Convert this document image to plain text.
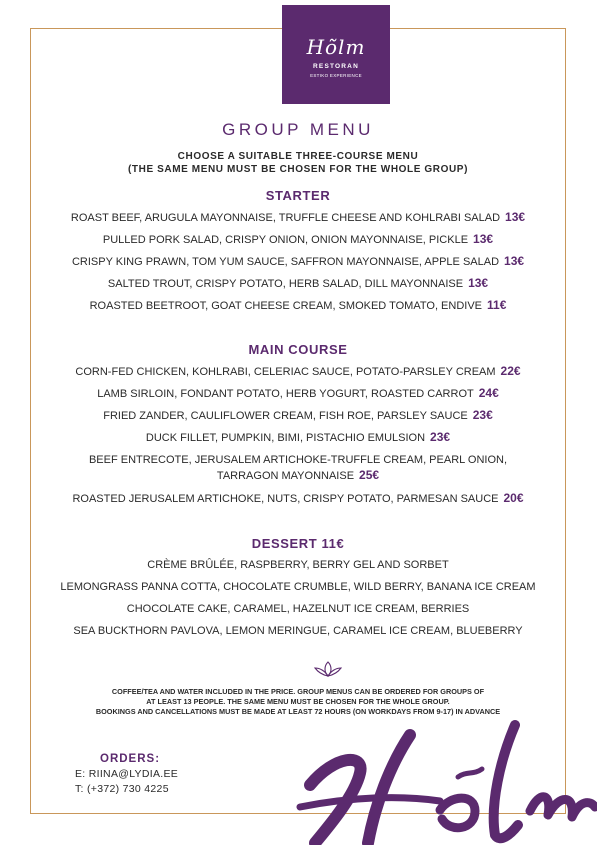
Hõlm
RESTORAN
ESTIKO EXPERIENCE
GROUP MENU
CHOOSE A SUITABLE THREE-COURSE MENU
(THE SAME MENU MUST BE CHOSEN FOR THE WHOLE GROUP)
STARTER
ROAST BEEF, ARUGULA MAYONNAISE, TRUFFLE CHEESE AND KOHLRABI SALAD 13€
PULLED PORK SALAD, CRISPY ONION, ONION MAYONNAISE, PICKLE 13€
CRISPY KING PRAWN, TOM YUM SAUCE, SAFFRON MAYONNAISE, APPLE SALAD 13€
SALTED TROUT, CRISPY POTATO, HERB SALAD, DILL MAYONNAISE 13€
ROASTED BEETROOT, GOAT CHEESE CREAM, SMOKED TOMATO, ENDIVE 11€
MAIN COURSE
CORN-FED CHICKEN, KOHLRABI, CELERIAC SAUCE, POTATO-PARSLEY CREAM 22€
LAMB SIRLOIN, FONDANT POTATO, HERB YOGURT, ROASTED CARROT 24€
FRIED ZANDER, CAULIFLOWER CREAM, FISH ROE, PARSLEY SAUCE 23€
DUCK FILLET, PUMPKIN, BIMI, PISTACHIO EMULSION 23€
BEEF ENTRECOTE, JERUSALEM ARTICHOKE-TRUFFLE CREAM, PEARL ONION, TARRAGON MAYONNAISE 25€
ROASTED JERUSALEM ARTICHOKE, NUTS, CRISPY POTATO, PARMESAN SAUCE 20€
DESSERT 11€
CRÈME BRÛLÉE, RASPBERRY, BERRY GEL AND SORBET
LEMONGRASS PANNA COTTA, CHOCOLATE CRUMBLE, WILD BERRY, BANANA ICE CREAM
CHOCOLATE CAKE, CARAMEL, HAZELNUT ICE CREAM, BERRIES
SEA BUCKTHORN PAVLOVA, LEMON MERINGUE, CARAMEL ICE CREAM, BLUEBERRY
COFFEE/TEA AND WATER INCLUDED IN THE PRICE. GROUP MENUS CAN BE ORDERED FOR GROUPS OF
AT LEAST 13 PEOPLE. THE SAME MENU MUST BE CHOSEN FOR THE WHOLE GROUP.
BOOKINGS AND CANCELLATIONS MUST BE MADE AT LEAST 72 HOURS (ON WORKDAYS FROM 9-17) IN ADVANCE
ORDERS:
E: RIINA@LYDIA.EE
T: (+372) 730 4225
